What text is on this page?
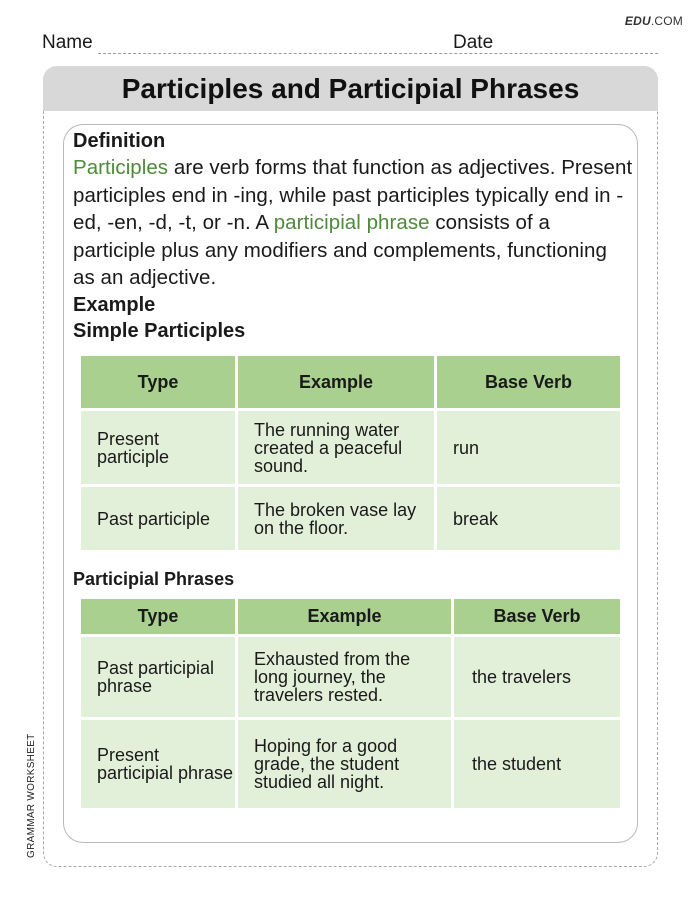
EDU.COM
Name	Date
GRAMMAR WORKSHEET
Participles and Participial Phrases
Definition
Participles are verb forms that function as adjectives. Present participles end in -ing, while past participles typically end in -ed, -en, -d, -t, or -n. A participial phrase consists of a participle plus any modifiers and complements, functioning as an adjective.
Example
Simple Participles
Type	Example	Base Verb
Present participle	The running water created a peaceful sound.	run
Past participle	The broken vase lay on the floor.	break
Participial Phrases
Type	Example	Base Verb
Past participial phrase	Exhausted from the long journey, the travelers rested.	the travelers
Present participial phrase	Hoping for a good grade, the student studied all night.	the student
